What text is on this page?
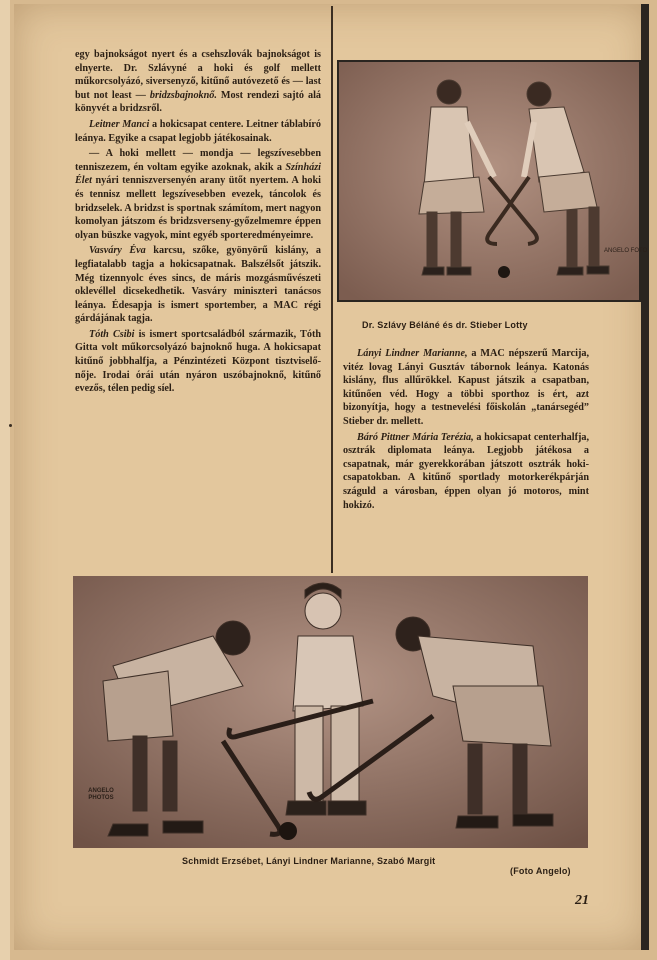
egy bajnokságot nyert és a csehszlovák bajnokságot is elnyerte. Dr. Szlávyné a hoki és golf mellett műkorcsolyázó, siversenyző, kitűnő autóvezető és — last but not least — bridzsbajnoknő. Most rendezi sajtó alá könyvét a bridzsről.

Leitner Manci a hokicsapat centere. Leitner táblabíró leánya. Egyike a csapat legjobb játékosainak.

— A hoki mellett — mondja — legszívesebben tenniszezem, én voltam egyike azoknak, akik a Színházi Élet nyári tenniszversenyén arany ütőt nyertem. A hoki és tennisz mellett legszívesebben evezek, táncolok és bridzselek. A bridzst is sportnak számítom, mert nagyon komolyan játszom és bridzsverseny-győzelmemre éppen olyan büszke vagyok, mint egyéb sporteredményeimre.

Vasváry Éva karcsu, szőke, gyönyörű kislány, a legfiatalabb tagja a hokicsapatnak. Balszélsőt játszik. Még tizennyolc éves sincs, de máris mozgásművészeti oklevéllel dicsekedhetik. Vasváry miniszteri tanácsos leánya. Édesapja is ismert sportember, a MAC régi gárdájának tagja.

Tóth Csibi is ismert sportcsaládból származik, Tóth Gitta volt műkorcsolyázó bajnoknő huga. A hokicsapat kitűnő jobbhalfja, a Pénzintézeti Központ tisztviselőnője. Irodai órái után nyáron uszóbajnoknő, kitűnő evezős, télen pedig síel.

ANGELO FOTO
Dr. Szlávy Béláné és dr. Stieber Lotty

Lányi Lindner Marianne, a MAC népszerű Marcija, vitéz lovag Lányi Gusztáv tábornok leánya. Katonás kislány, flus allűrökkel. Kapust játszik a csapatban, kitűnően véd. Hogy a többi sporthoz is ért, azt bizonyítja, hogy a testnevelési főiskolán „tanársegéd” Stieber dr. mellett.

Báró Pittner Mária Terézia, a hokicsapat centerhalfja, osztrák diplomata leánya. Legjobb játékosa a csapatnak, már gyerekkorában játszott osztrák hokicsapatokban. A kitűnő sportlady motorkerékpárján száguld a városban, éppen olyan jó motoros, mint hokizó.

ANGELO PHOTOS
Schmidt Erzsébet, Lányi Lindner Marianne, Szabó Margit
(Foto Angelo)
21
